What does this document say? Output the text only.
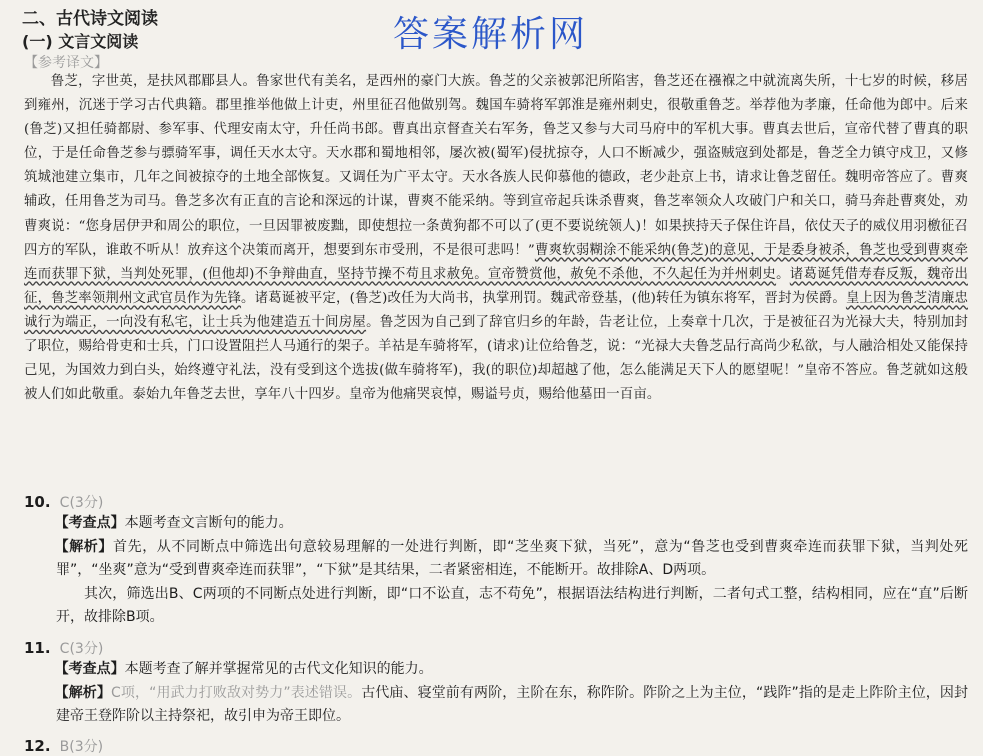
二、古代诗文阅读
(一) 文言文阅读	答案解析网
【参考译文】
鲁芝，字世英，是扶风郡郿县人。鲁家世代有美名，是西州的豪门大族。鲁芝的父亲被郭汜所陷害，鲁芝还在襁褓之中就流离失所，十七岁的时候，移居到雍州，沉迷于学习古代典籍。郡里推举他做上计吏，州里征召他做别驾。魏国车骑将军郭淮是雍州刺史，很敬重鲁芝。举荐他为孝廉，任命他为郎中。后来(鲁芝)又担任骑都尉、参军事、代理安南太守，升任尚书郎。曹真出京督查关右军务，鲁芝又参与大司马府中的军机大事。曹真去世后，宣帝代替了曹真的职位，于是任命鲁芝参与骠骑军事，调任天水太守。天水郡和蜀地相邻，屡次被(蜀军)侵扰掠夺，人口不断减少，强盗贼寇到处都是，鲁芝全力镇守戍卫，又修筑城池建立集市，几年之间被掠夺的土地全部恢复。又调任为广平太守。天水各族人民仰慕他的德政，老少赴京上书，请求让鲁芝留任。魏明帝答应了。曹爽辅政，任用鲁芝为司马。鲁芝多次有正直的言论和深远的计谋，曹爽不能采纳。等到宣帝起兵诛杀曹爽，鲁芝率领众人攻破门户和关口，骑马奔赴曹爽处，劝曹爽说：“您身居伊尹和周公的职位，一旦因罪被废黜，即使想拉一条黄狗都不可以了(更不要说统领人)！如果挟持天子保住许昌，依仗天子的威仪用羽檄征召四方的军队，谁敢不听从！放弃这个决策而离开，想要到东市受刑，不是很可悲吗！”曹爽软弱糊涂不能采纳(鲁芝)的意见，于是委身被杀，鲁芝也受到曹爽牵连而获罪下狱，当判处死罪，(但他却)不争辩曲直，坚持节操不苟且求赦免。宣帝赞赏他，赦免不杀他，不久起任为并州刺史。诸葛诞凭借寿春反叛，魏帝出征，鲁芝率领荆州文武官员作为先锋。诸葛诞被平定，(鲁芝)改任为大尚书，执掌刑罚。魏武帝登基，(他)转任为镇东将军，晋封为侯爵。皇上因为鲁芝清廉忠诚行为端正，一向没有私宅，让士兵为他建造五十间房屋。鲁芝因为自己到了辞官归乡的年龄，告老让位，上奏章十几次，于是被征召为光禄大夫，特别加封了职位，赐给骨吏和士兵，门口设置阻拦人马通行的架子。羊祜是车骑将军，(请求)让位给鲁芝，说：“光禄大夫鲁芝品行高尚少私欲，与人融洽相处又能保持己见，为国效力到白头，始终遵守礼法，没有受到这个选拔(做车骑将军)，我(的职位)却超越了他，怎么能满足天下人的愿望呢！”皇帝不答应。鲁芝就如这般被人们如此敬重。泰始九年鲁芝去世，享年八十四岁。皇帝为他痛哭哀悼，赐谥号贞，赐给他墓田一百亩。
10. C(3分)
【考查点】本题考查文言断句的能力。
【解析】首先，从不同断点中筛选出句意较易理解的一处进行判断，即“芝坐爽下狱，当死”，意为“鲁芝也受到曹爽牵连而获罪下狱，当判处死罪”，“坐爽”意为“受到曹爽牵连而获罪”，“下狱”是其结果，二者紧密相连，不能断开。故排除A、D两项。
其次，筛选出B、C两项的不同断点处进行判断，即“口不讼直，志不苟免”，根据语法结构进行判断，二者句式工整，结构相同，应在“直”后断开，故排除B项。
11. C(3分)
【考查点】本题考查了解并掌握常见的古代文化知识的能力。
【解析】C项，“用武力打败敌对势力”表述错误。古代庙、寝堂前有两阶，主阶在东，称阼阶。阼阶之上为主位，“践阼”指的是走上阼阶主位，因封建帝王登阼阶以主持祭祀，故引申为帝王即位。
12. B(3分)
